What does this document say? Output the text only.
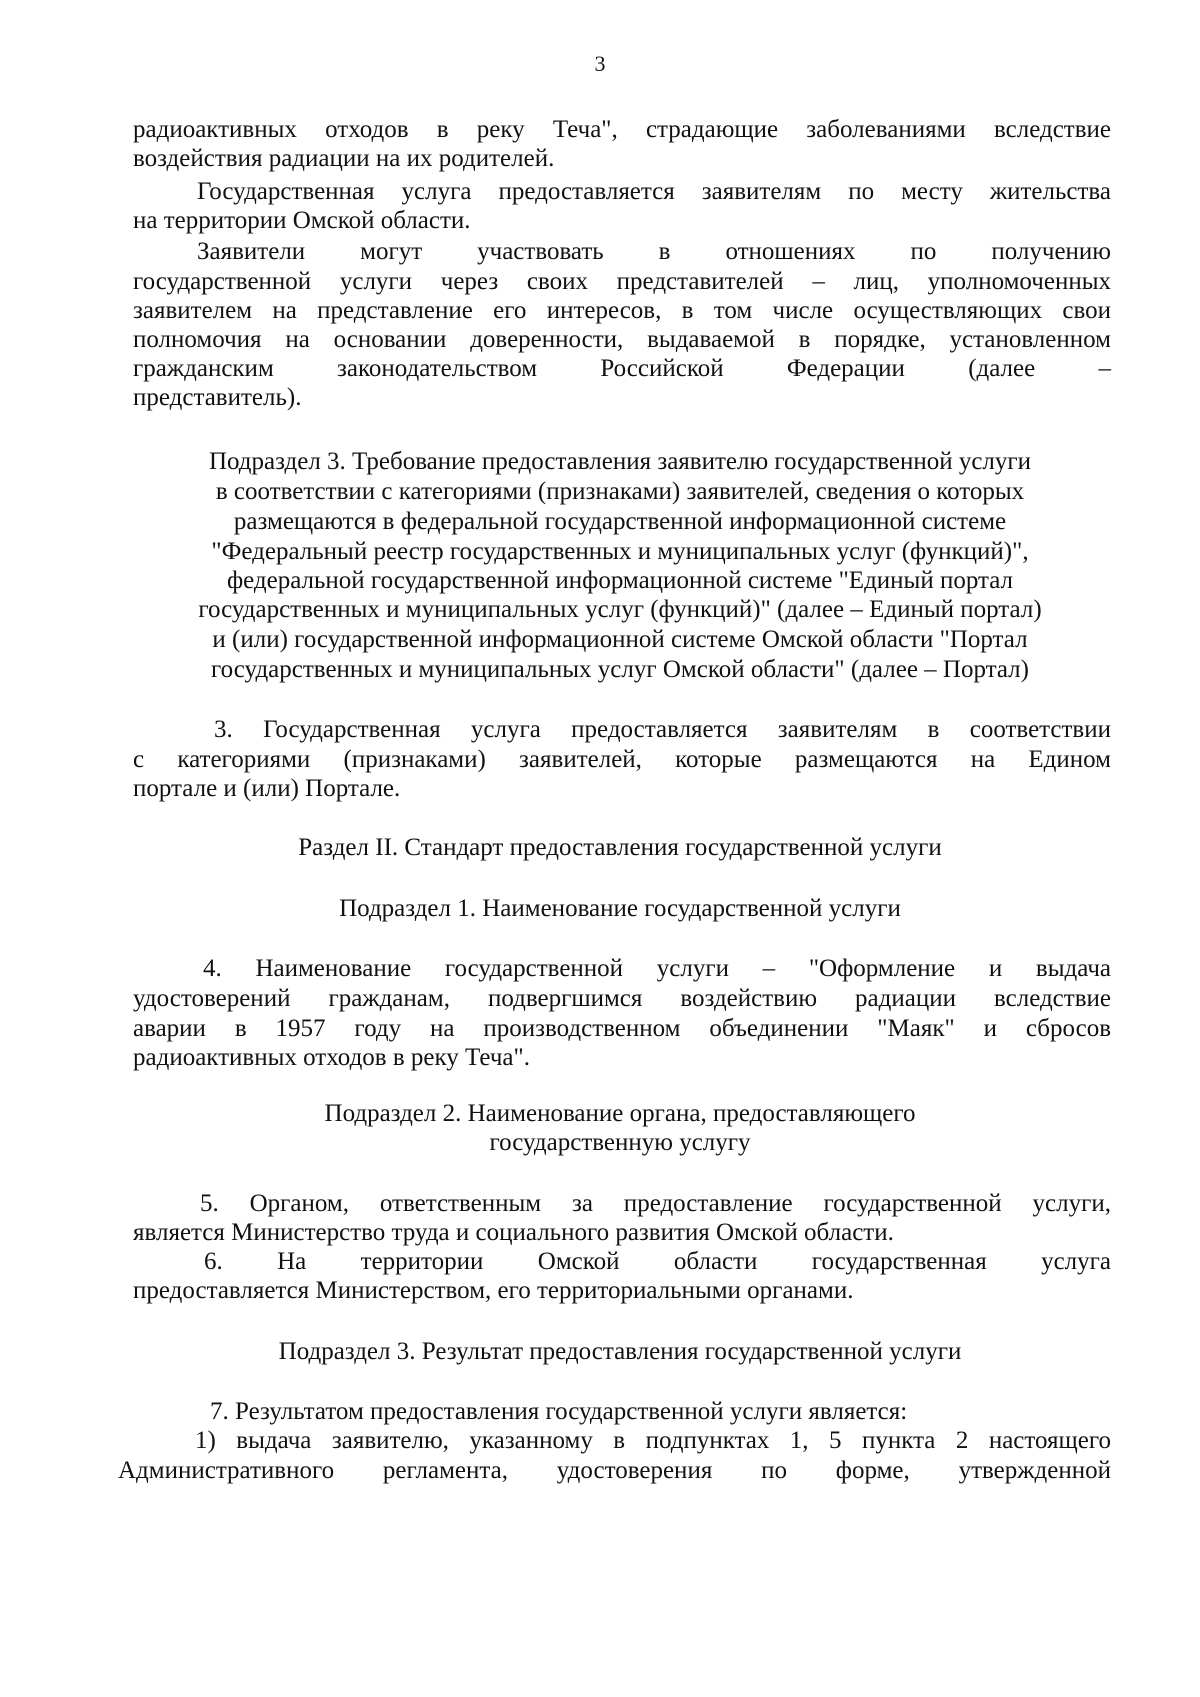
3
радиоактивных отходов в реку Теча", страдающие заболеваниями вследствие
воздействия радиации на их родителей.
Государственная услуга предоставляется заявителям по месту жительства
на территории Омской области.
Заявители могут участвовать в отношениях по получению
государственной услуги через своих представителей – лиц, уполномоченных
заявителем на представление его интересов, в том числе осуществляющих свои
полномочия на основании доверенности, выдаваемой в порядке, установленном
гражданским законодательством Российской Федерации (далее –
представитель).
Подраздел 3. Требование предоставления заявителю государственной услуги
в соответствии с категориями (признаками) заявителей, сведения о которых
размещаются в федеральной государственной информационной системе
"Федеральный реестр государственных и муниципальных услуг (функций)",
федеральной государственной информационной системе "Единый портал
государственных и муниципальных услуг (функций)" (далее – Единый портал)
и (или) государственной информационной системе Омской области "Портал
государственных и муниципальных услуг Омской области" (далее – Портал)
3. Государственная услуга предоставляется заявителям в соответствии
с категориями (признаками) заявителей, которые размещаются на Едином
портале и (или) Портале.
Раздел II. Стандарт предоставления государственной услуги
Подраздел 1. Наименование государственной услуги
4. Наименование государственной услуги – "Оформление и выдача
удостоверений гражданам, подвергшимся воздействию радиации вследствие
аварии в 1957 году на производственном объединении "Маяк" и сбросов
радиоактивных отходов в реку Теча".
Подраздел 2. Наименование органа, предоставляющего
государственную услугу
5. Органом, ответственным за предоставление государственной услуги,
является Министерство труда и социального развития Омской области.
6. На территории Омской области государственная услуга
предоставляется Министерством, его территориальными органами.
Подраздел 3. Результат предоставления государственной услуги
7. Результатом предоставления государственной услуги является:
1) выдача заявителю, указанному в подпунктах 1, 5 пункта 2 настоящего
Административного регламента, удостоверения по форме, утвержденной
